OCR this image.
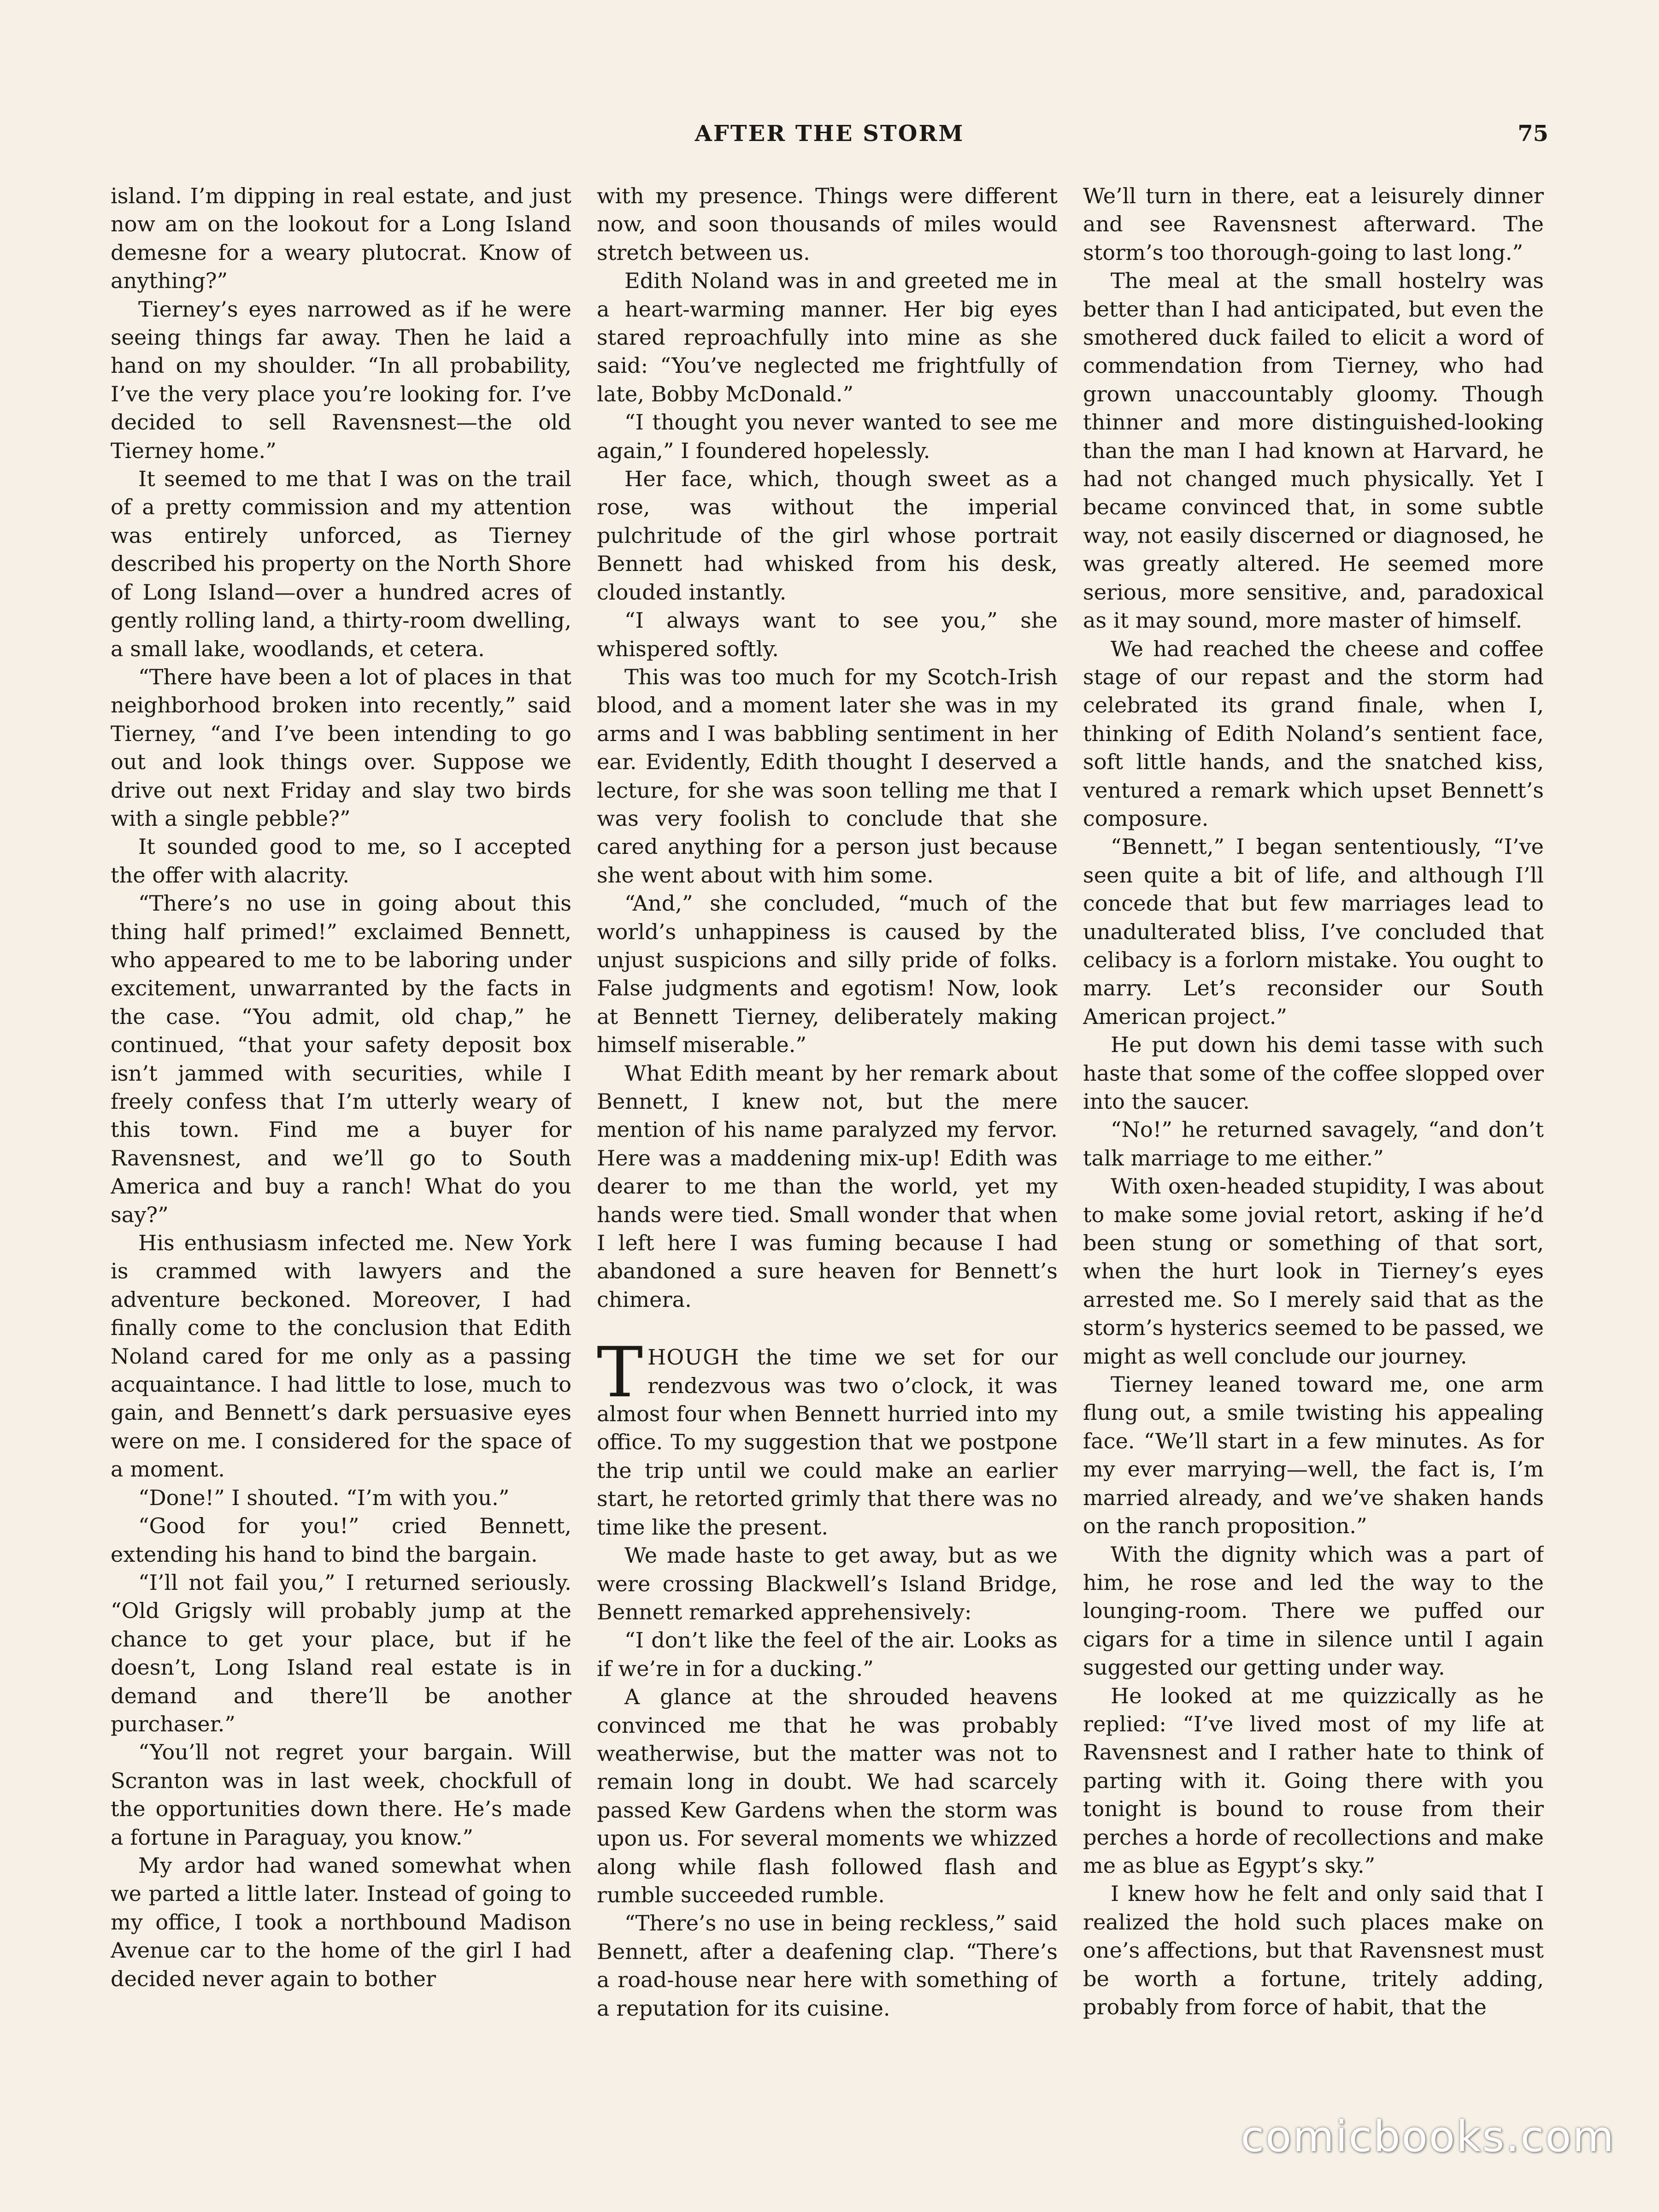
AFTER THE STORM	75

island. I’m dipping in real estate, and just now am on the lookout for a Long Island demesne for a weary plutocrat. Know of anything?”

Tierney’s eyes narrowed as if he were seeing things far away. Then he laid a hand on my shoulder. “In all probability, I’ve the very place you’re looking for. I’ve decided to sell Ravensnest—the old Tierney home.”

It seemed to me that I was on the trail of a pretty commission and my attention was entirely unforced, as Tierney described his property on the North Shore of Long Island—over a hundred acres of gently rolling land, a thirty-room dwelling, a small lake, woodlands, et cetera.

“There have been a lot of places in that neighborhood broken into recently,” said Tierney, “and I’ve been intending to go out and look things over. Suppose we drive out next Friday and slay two birds with a single pebble?”

It sounded good to me, so I accepted the offer with alacrity.

“There’s no use in going about this thing half primed!” exclaimed Bennett, who appeared to me to be laboring under excitement, unwarranted by the facts in the case. “You admit, old chap,” he continued, “that your safety deposit box isn’t jammed with securities, while I freely confess that I’m utterly weary of this town. Find me a buyer for Ravensnest, and we’ll go to South America and buy a ranch! What do you say?”

His enthusiasm infected me. New York is crammed with lawyers and the adventure beckoned. Moreover, I had finally come to the conclusion that Edith Noland cared for me only as a passing acquaintance. I had little to lose, much to gain, and Bennett’s dark persuasive eyes were on me. I considered for the space of a moment.

“Done!” I shouted. “I’m with you.”

“Good for you!” cried Bennett, extending his hand to bind the bargain.

“I’ll not fail you,” I returned seriously. “Old Grigsly will probably jump at the chance to get your place, but if he doesn’t, Long Island real estate is in demand and there’ll be another purchaser.”

“You’ll not regret your bargain. Will Scranton was in last week, chockfull of the opportunities down there. He’s made a fortune in Paraguay, you know.”

My ardor had waned somewhat when we parted a little later. Instead of going to my office, I took a northbound Madison Avenue car to the home of the girl I had decided never again to bother

with my presence. Things were different now, and soon thousands of miles would stretch between us.

Edith Noland was in and greeted me in a heart-warming manner. Her big eyes stared reproachfully into mine as she said: “You’ve neglected me frightfully of late, Bobby McDonald.”

“I thought you never wanted to see me again,” I foundered hopelessly.

Her face, which, though sweet as a rose, was without the imperial pulchritude of the girl whose portrait Bennett had whisked from his desk, clouded instantly.

“I always want to see you,” she whispered softly.

This was too much for my Scotch-Irish blood, and a moment later she was in my arms and I was babbling sentiment in her ear. Evidently, Edith thought I deserved a lecture, for she was soon telling me that I was very foolish to conclude that she cared anything for a person just because she went about with him some.

“And,” she concluded, “much of the world’s unhappiness is caused by the unjust suspicions and silly pride of folks. False judgments and egotism! Now, look at Bennett Tierney, deliberately making himself miserable.”

What Edith meant by her remark about Bennett, I knew not, but the mere mention of his name paralyzed my fervor. Here was a maddening mix-up! Edith was dearer to me than the world, yet my hands were tied. Small wonder that when I left here I was fuming because I had abandoned a sure heaven for Bennett’s chimera.

THOUGH the time we set for our rendezvous was two o’clock, it was almost four when Bennett hurried into my office. To my suggestion that we postpone the trip until we could make an earlier start, he retorted grimly that there was no time like the present.

We made haste to get away, but as we were crossing Blackwell’s Island Bridge, Bennett remarked apprehensively:

“I don’t like the feel of the air. Looks as if we’re in for a ducking.”

A glance at the shrouded heavens convinced me that he was probably weatherwise, but the matter was not to remain long in doubt. We had scarcely passed Kew Gardens when the storm was upon us. For several moments we whizzed along while flash followed flash and rumble succeeded rumble.

“There’s no use in being reckless,” said Bennett, after a deafening clap. “There’s a road-house near here with something of a reputation for its cuisine.

We’ll turn in there, eat a leisurely dinner and see Ravensnest afterward. The storm’s too thorough-going to last long.”

The meal at the small hostelry was better than I had anticipated, but even the smothered duck failed to elicit a word of commendation from Tierney, who had grown unaccountably gloomy. Though thinner and more distinguished-looking than the man I had known at Harvard, he had not changed much physically. Yet I became convinced that, in some subtle way, not easily discerned or diagnosed, he was greatly altered. He seemed more serious, more sensitive, and, paradoxical as it may sound, more master of himself.

We had reached the cheese and coffee stage of our repast and the storm had celebrated its grand finale, when I, thinking of Edith Noland’s sentient face, soft little hands, and the snatched kiss, ventured a remark which upset Bennett’s composure.

“Bennett,” I began sententiously, “I’ve seen quite a bit of life, and although I’ll concede that but few marriages lead to unadulterated bliss, I’ve concluded that celibacy is a forlorn mistake. You ought to marry. Let’s reconsider our South American project.”

He put down his demi tasse with such haste that some of the coffee slopped over into the saucer.

“No!” he returned savagely, “and don’t talk marriage to me either.”

With oxen-headed stupidity, I was about to make some jovial retort, asking if he’d been stung or something of that sort, when the hurt look in Tierney’s eyes arrested me. So I merely said that as the storm’s hysterics seemed to be passed, we might as well conclude our journey.

Tierney leaned toward me, one arm flung out, a smile twisting his appealing face. “We’ll start in a few minutes. As for my ever marrying—well, the fact is, I’m married already, and we’ve shaken hands on the ranch proposition.”

With the dignity which was a part of him, he rose and led the way to the lounging-room. There we puffed our cigars for a time in silence until I again suggested our getting under way.

He looked at me quizzically as he replied: “I’ve lived most of my life at Ravensnest and I rather hate to think of parting with it. Going there with you tonight is bound to rouse from their perches a horde of recollections and make me as blue as Egypt’s sky.”

I knew how he felt and only said that I realized the hold such places make on one’s affections, but that Ravensnest must be worth a fortune, tritely adding, probably from force of habit, that the

comicbooks.com
